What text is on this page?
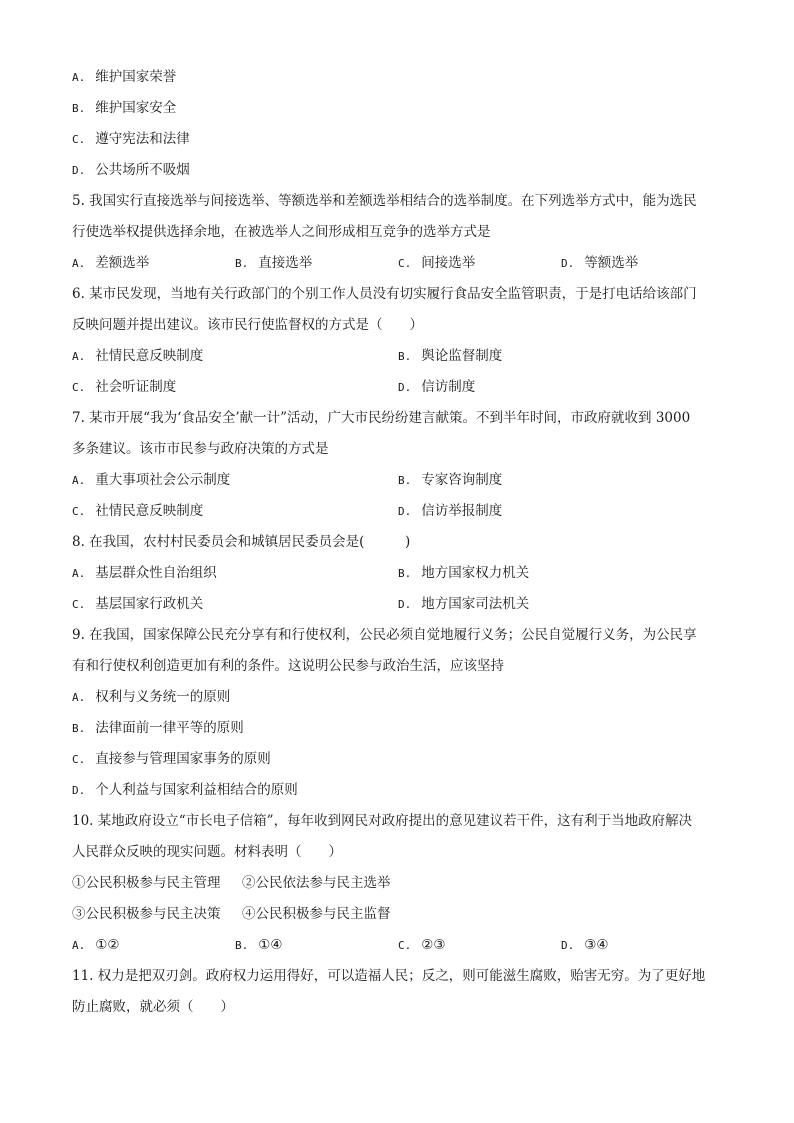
A. 维护国家荣誉
B. 维护国家安全
C. 遵守宪法和法律
D. 公共场所不吸烟
5. 我国实行直接选举与间接选举、等额选举和差额选举相结合的选举制度。在下列选举方式中，能为选民
行使选举权提供选择余地，在被选举人之间形成相互竞争的选举方式是
A. 差额选举	B. 直接选举	C. 间接选举	D. 等额选举
6. 某市民发现，当地有关行政部门的个别工作人员没有切实履行食品安全监管职责，于是打电话给该部门
反映问题并提出建议。该市民行使监督权的方式是（　　）
A. 社情民意反映制度	B. 舆论监督制度
C. 社会听证制度	D. 信访制度
7. 某市开展“我为‘食品安全’献一计”活动，广大市民纷纷建言献策。不到半年时间，市政府就收到 3000
多条建议。该市市民参与政府决策的方式是
A. 重大事项社会公示制度	B. 专家咨询制度
C. 社情民意反映制度	D. 信访举报制度
8. 在我国，农村村民委员会和城镇居民委员会是(　　　)
A. 基层群众性自治组织	B. 地方国家权力机关
C. 基层国家行政机关	D. 地方国家司法机关
9. 在我国，国家保障公民充分享有和行使权利，公民必须自觉地履行义务；公民自觉履行义务，为公民享
有和行使权利创造更加有利的条件。这说明公民参与政治生活，应该坚持
A. 权利与义务统一的原则
B. 法律面前一律平等的原则
C. 直接参与管理国家事务的原则
D. 个人利益与国家利益相结合的原则
10. 某地政府设立“市长电子信箱”，每年收到网民对政府提出的意见建议若干件，这有利于当地政府解决
人民群众反映的现实问题。材料表明（　　）
①公民积极参与民主管理	②公民依法参与民主选举
③公民积极参与民主决策	④公民积极参与民主监督
A. ①②	B. ①④	C. ②③	D. ③④
11. 权力是把双刃剑。政府权力运用得好，可以造福人民；反之，则可能滋生腐败，贻害无穷。为了更好地
防止腐败，就必须（　　）
